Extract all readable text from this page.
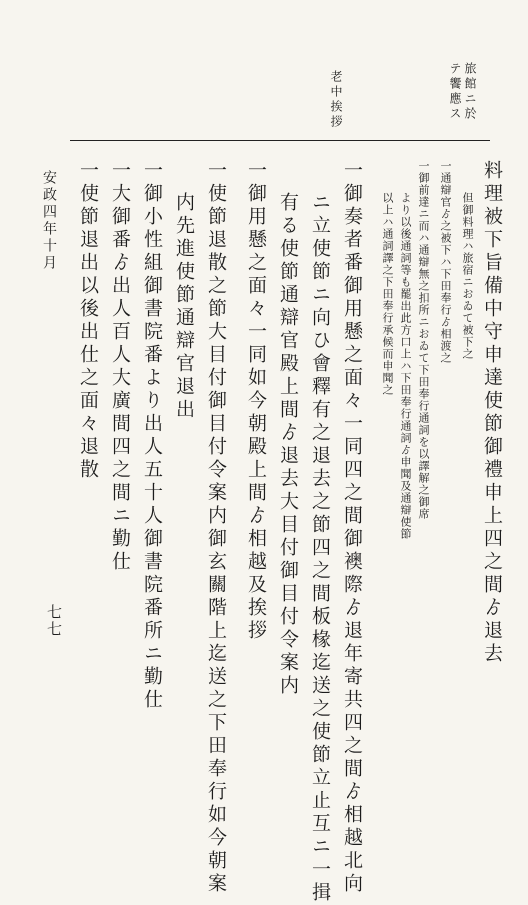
旅館ニ於
テ饗應ス
老中挨拶
料理被下旨備中守申達使節御禮申上四之間ゟ退去
但御料理ハ旅宿ニおゐて被下之
一通辯官ゟ之被下ハ下田奉行ゟ相渡之
一御前達ニ而ハ通辯無之扣所ニおゐて下田奉行通詞を以譯解之御席
より以後通詞等も罷出此方口上ハ下田奉行通詞ゟ申聞及通辯使節
以上ハ通詞譯之下田奉行承候而申聞之
一御奏者番御用懸之面々一同四之間御襖際ゟ退年寄共四之間ゟ相越北向
ニ立使節ニ向ひ會釋有之退去之節四之間板椽迄送之使節立止互ニ一揖
有る使節通辯官殿上間ゟ退去大目付御目付令案内
一御用懸之面々一同如今朝殿上間ゟ相越及挨拶
一使節退散之節大目付御目付令案内御玄關階上迄送之下田奉行如今朝案
内先進使節通辯官退出
一御小性組御書院番より出人五十人御書院番所ニ勤仕
一大御番ゟ出人百人大廣間四之間ニ勤仕
一使節退出以後出仕之面々退散
安政四年十月
七七
